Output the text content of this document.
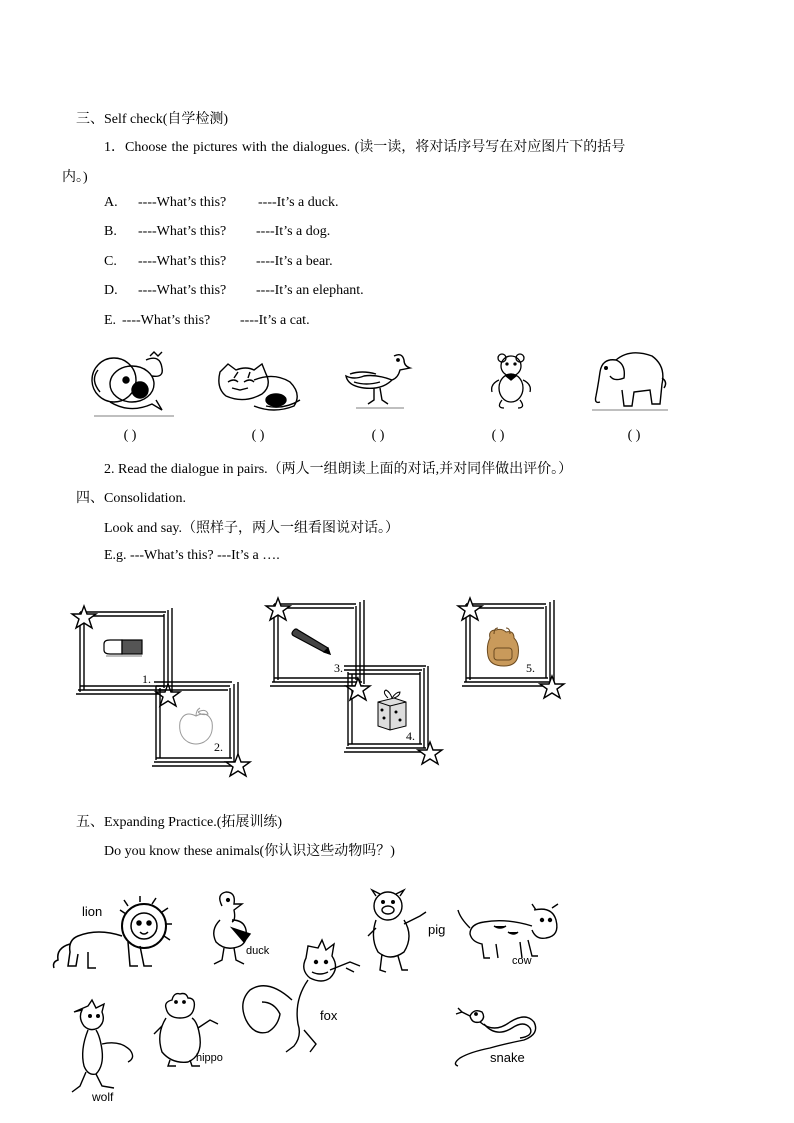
三、Self check(自学检测)
1．Choose the pictures with the dialogues. (读一读，将对话序号写在对应图片下的括号
内。)
A. ----What’s this? ----It’s a duck.
B. ----What’s this? ----It’s a dog.
C. ----What’s this? ----It’s a bear.
D. ----What’s this? ----It’s an elephant.
E. ----What’s this? ----It’s a cat.
( )	( )	( )	( )	( )
2. Read the dialogue in pairs.（两人一组朗读上面的对话,并对同伴做出评价。）
四、Consolidation.
Look and say.（照样子，两人一组看图说对话。）
E.g. ---What’s this? ---It’s a ….
1.
2.
3.
4.
5.
五、Expanding Practice.(拓展训练)
Do you know these animals(你认识这些动物吗？)
lion
duck
pig
cow
fox
wolf
hippo	snake
